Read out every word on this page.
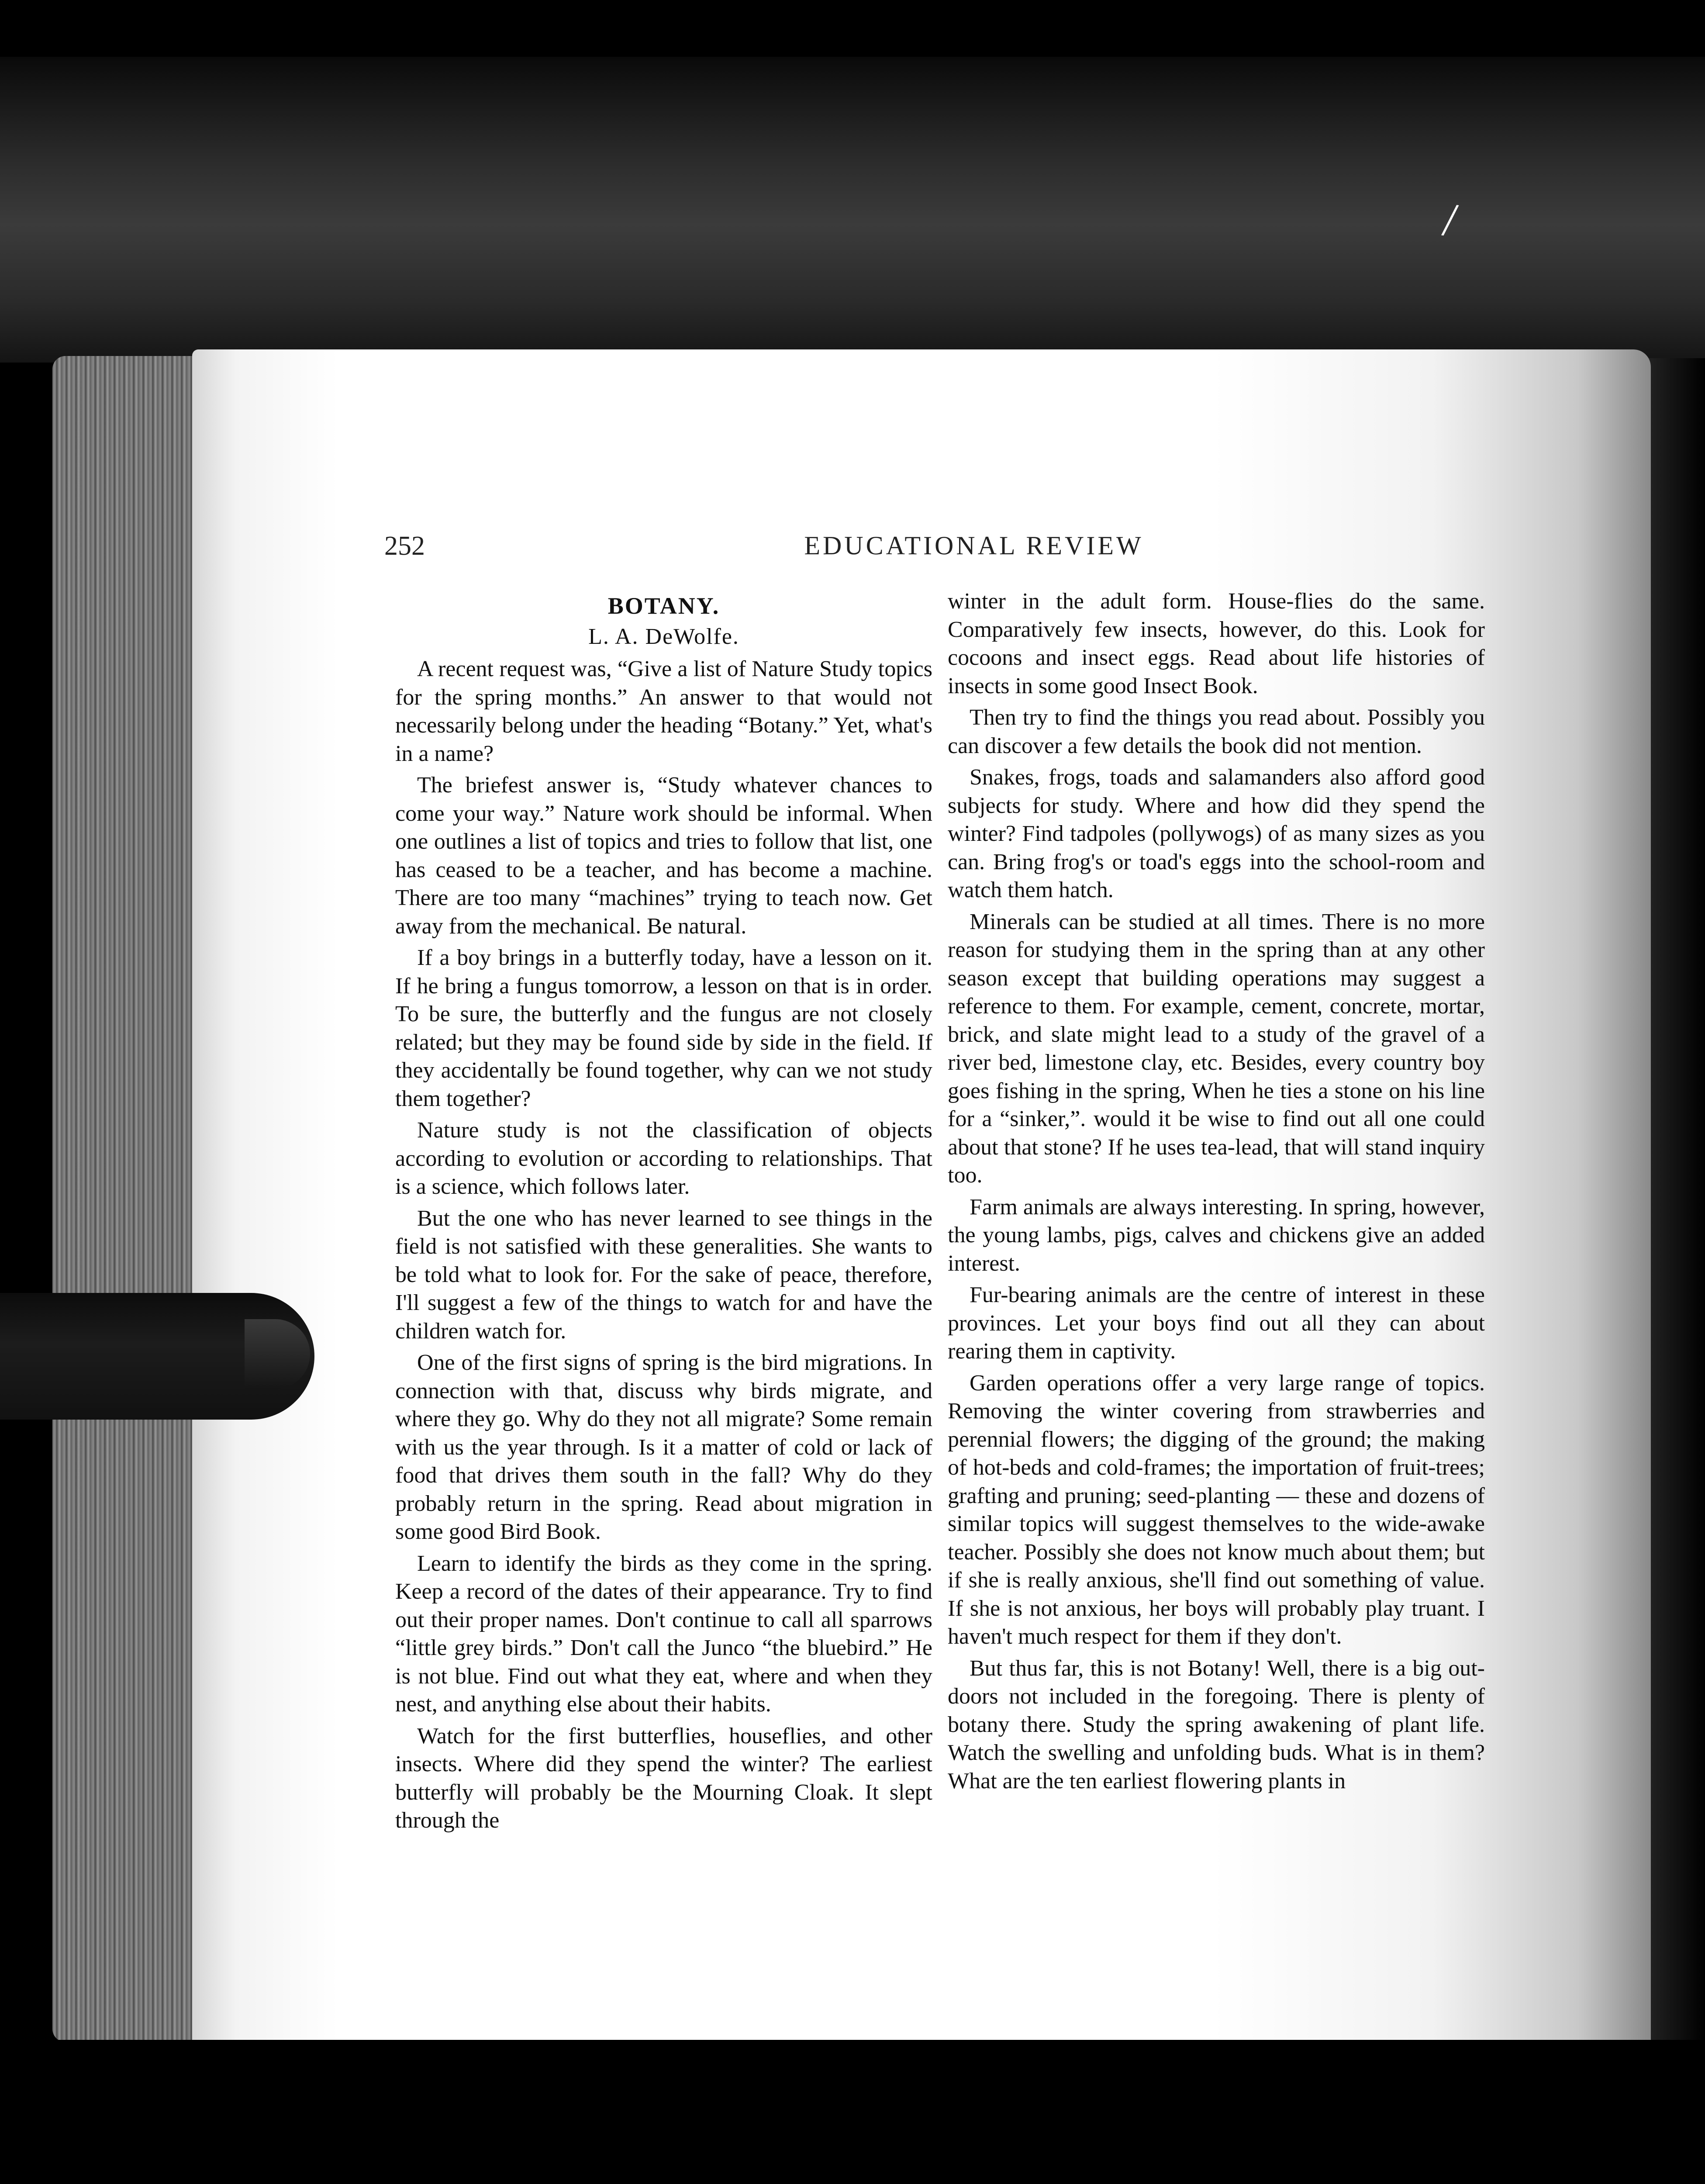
/
252	EDUCATIONAL REVIEW
BOTANY.
L. A. DeWolfe.

A recent request was, “Give a list of Nature Study topics for the spring months.” An answer to that would not necessarily belong under the heading “Botany.” Yet, what's in a name?

The briefest answer is, “Study whatever chances to come your way.” Nature work should be informal. When one outlines a list of topics and tries to follow that list, one has ceased to be a teacher, and has become a machine. There are too many “machines” trying to teach now. Get away from the mechanical. Be natural.

If a boy brings in a butterfly today, have a lesson on it. If he bring a fungus tomorrow, a lesson on that is in order. To be sure, the butterfly and the fungus are not closely related; but they may be found side by side in the field. If they accidentally be found together, why can we not study them together?

Nature study is not the classification of objects according to evolution or according to relationships. That is a science, which follows later.

But the one who has never learned to see things in the field is not satisfied with these generalities. She wants to be told what to look for. For the sake of peace, therefore, I'll suggest a few of the things to watch for and have the children watch for.

One of the first signs of spring is the bird migrations. In connection with that, discuss why birds migrate, and where they go. Why do they not all migrate? Some remain with us the year through. Is it a matter of cold or lack of food that drives them south in the fall? Why do they probably return in the spring. Read about migration in some good Bird Book.

Learn to identify the birds as they come in the spring. Keep a record of the dates of their appearance. Try to find out their proper names. Don't continue to call all sparrows “little grey birds.” Don't call the Junco “the bluebird.” He is not blue. Find out what they eat, where and when they nest, and anything else about their habits.

Watch for the first butterflies, houseflies, and other insects. Where did they spend the winter? The earliest butterfly will probably be the Mourning Cloak. It slept through the

winter in the adult form. House-flies do the same. Comparatively few insects, however, do this. Look for cocoons and insect eggs. Read about life histories of insects in some good Insect Book.

Then try to find the things you read about. Possibly you can discover a few details the book did not mention.

Snakes, frogs, toads and salamanders also afford good subjects for study. Where and how did they spend the winter? Find tadpoles (pollywogs) of as many sizes as you can. Bring frog's or toad's eggs into the school-room and watch them hatch.

Minerals can be studied at all times. There is no more reason for studying them in the spring than at any other season except that building operations may suggest a reference to them. For example, cement, concrete, mortar, brick, and slate might lead to a study of the gravel of a river bed, limestone clay, etc. Besides, every country boy goes fishing in the spring, When he ties a stone on his line for a “sinker,”. would it be wise to find out all one could about that stone? If he uses tea-lead, that will stand inquiry too.

Farm animals are always interesting. In spring, however, the young lambs, pigs, calves and chickens give an added interest.

Fur-bearing animals are the centre of interest in these provinces. Let your boys find out all they can about rearing them in captivity.

Garden operations offer a very large range of topics. Removing the winter covering from strawberries and perennial flowers; the digging of the ground; the making of hot-beds and cold-frames; the importation of fruit-trees; grafting and pruning; seed-planting — these and dozens of similar topics will suggest themselves to the wide-awake teacher. Possibly she does not know much about them; but if she is really anxious, she'll find out something of value. If she is not anxious, her boys will probably play truant. I haven't much respect for them if they don't.

But thus far, this is not Botany! Well, there is a big out-doors not included in the foregoing. There is plenty of botany there. Study the spring awakening of plant life. Watch the swelling and unfolding buds. What is in them? What are the ten earliest flowering plants in
